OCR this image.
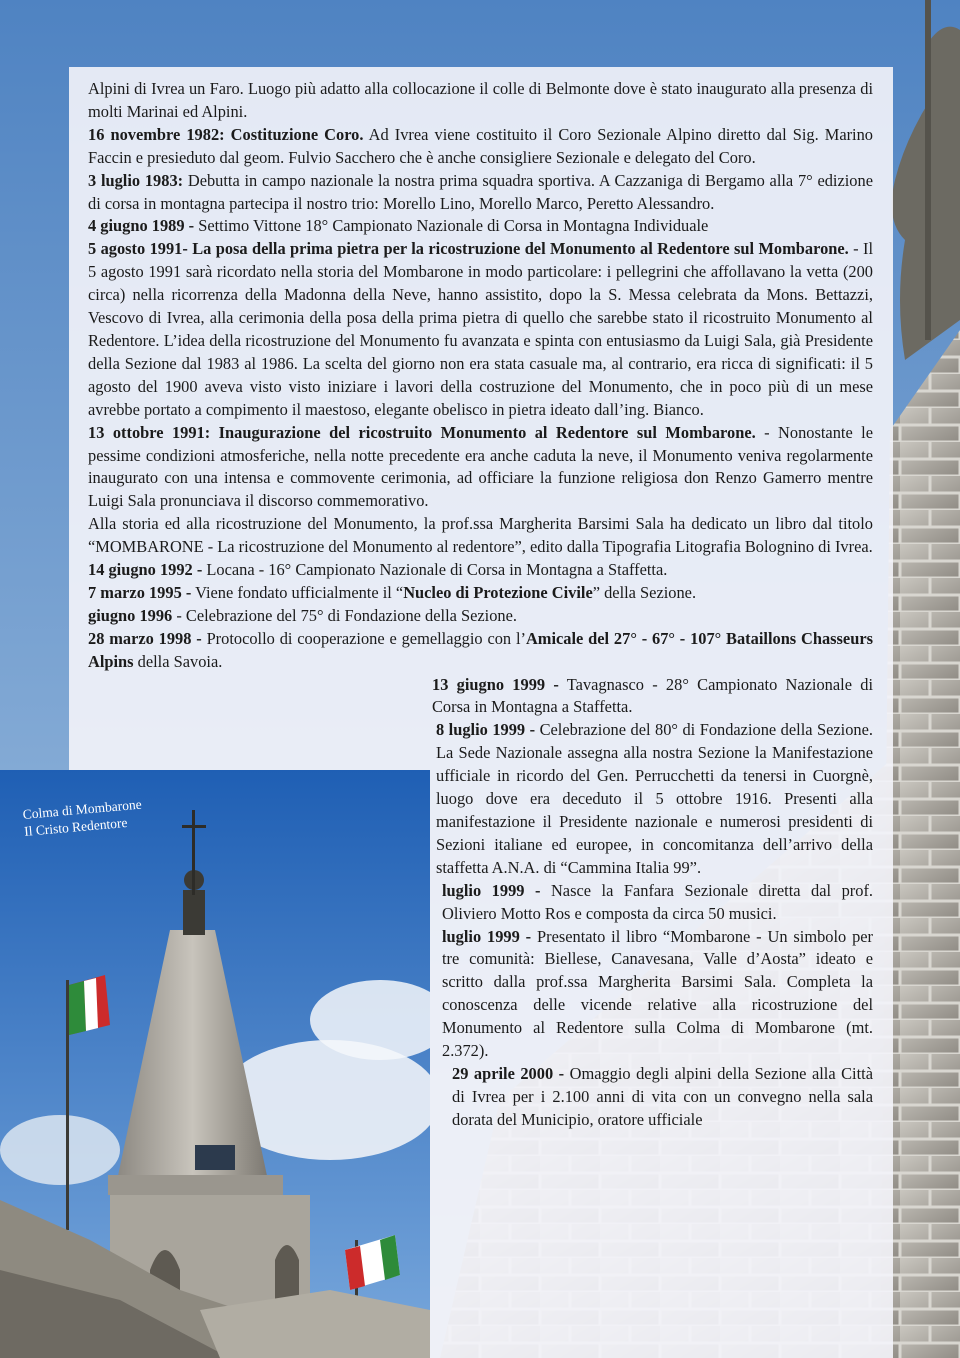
Colma di Mombarone
Il Cristo Redentore

Alpini di Ivrea un Faro. Luogo più adatto alla collocazione il colle di Belmonte dove è stato inaugurato alla presenza di molti Marinai ed Alpini.

16 novembre 1982: Costituzione Coro. Ad Ivrea viene costituito il Coro Sezionale Alpino diretto dal Sig. Marino Faccin e presieduto dal geom. Fulvio Sacchero che è anche consigliere Sezionale e delegato del Coro.

3 luglio 1983: Debutta in campo nazionale la nostra prima squadra sportiva. A Cazzaniga di Bergamo alla 7° edizione di corsa in montagna partecipa il nostro trio: Morello Lino, Morello Marco, Peretto Alessandro.

4 giugno 1989 - Settimo Vittone 18° Campionato Nazionale di Corsa in Montagna Individuale

5 agosto 1991- La posa della prima pietra per la ricostruzione del Monumento al Redentore sul Mombarone. - Il 5 agosto 1991 sarà ricordato nella storia del Mombarone in modo particolare: i pellegrini che affollavano la vetta (200 circa) nella ricorrenza della Madonna della Neve, hanno assistito, dopo la S. Messa celebrata da Mons. Bettazzi, Vescovo di Ivrea, alla cerimonia della posa della prima pietra di quello che sarebbe stato il ricostruito Monumento al Redentore. L’idea della ricostruzione del Monumento fu avanzata e spinta con entusiasmo da Luigi Sala, già Presidente della Sezione dal 1983 al 1986. La scelta del giorno non era stata casuale ma, al contrario, era ricca di significati: il 5 agosto del 1900 aveva visto visto iniziare i lavori della costruzione del Monumento, che in poco più di un mese avrebbe portato a compimento il maestoso, elegante obelisco in pietra ideato dall’ing. Bianco.

13 ottobre 1991: Inaugurazione del ricostruito Monumento al Redentore sul Mombarone. - Nonostante le pessime condizioni atmosferiche, nella notte precedente era anche caduta la neve, il Monumento veniva regolarmente inaugurato con una intensa e commovente cerimonia, ad officiare la funzione religiosa don Renzo Gamerro mentre Luigi Sala pronunciava il discorso commemorativo.

Alla storia ed alla ricostruzione del Monumento, la prof.ssa Margherita Barsimi Sala ha dedicato un libro dal titolo “MOMBARONE - La ricostruzione del Monumento al redentore”, edito dalla Tipografia Litografia Bolognino di Ivrea.

14 giugno 1992 - Locana - 16° Campionato Nazionale di Corsa in Montagna a Staffetta.

7 marzo 1995 - Viene fondato ufficialmente il “Nucleo di Protezione Civile” della Sezione.

giugno 1996 - Celebrazione del 75° di Fondazione della Sezione.

28 marzo 1998 - Protocollo di cooperazione e gemellaggio con l’Amicale del 27° - 67° - 107° Bataillons Chasseurs Alpins della Savoia.

13 giugno 1999 - Tavagnasco - 28° Campionato Nazionale di Corsa in Montagna a Staffetta.

8 luglio 1999 - Celebrazione del 80° di Fondazione della Sezione. La Sede Nazionale assegna alla nostra Sezione la Manifestazione ufficiale in ricordo del Gen. Perrucchetti da tenersi in Cuorgnè, luogo dove era deceduto il 5 ottobre 1916. Presenti alla manifestazione il Presidente nazionale e numerosi presidenti di Sezioni italiane ed europee, in concomitanza dell’arrivo della staffetta A.N.A. di “Cammina Italia 99”.

luglio 1999 - Nasce la Fanfara Sezionale diretta dal prof. Oliviero Motto Ros e composta da circa 50 musici.

luglio 1999 - Presentato il libro “Mombarone - Un simbolo per tre comunità: Biellese, Canavesana, Valle d’Aosta” ideato e scritto dalla prof.ssa Margherita Barsimi Sala. Completa la conoscenza delle vicende relative alla ricostruzione del Monumento al Redentore sulla Colma di Mombarone (mt. 2.372).

29 aprile 2000 - Omaggio degli alpini della Sezione alla Città di Ivrea per i 2.100 anni di vita con un convegno nella sala dorata del Municipio, oratore ufficiale
